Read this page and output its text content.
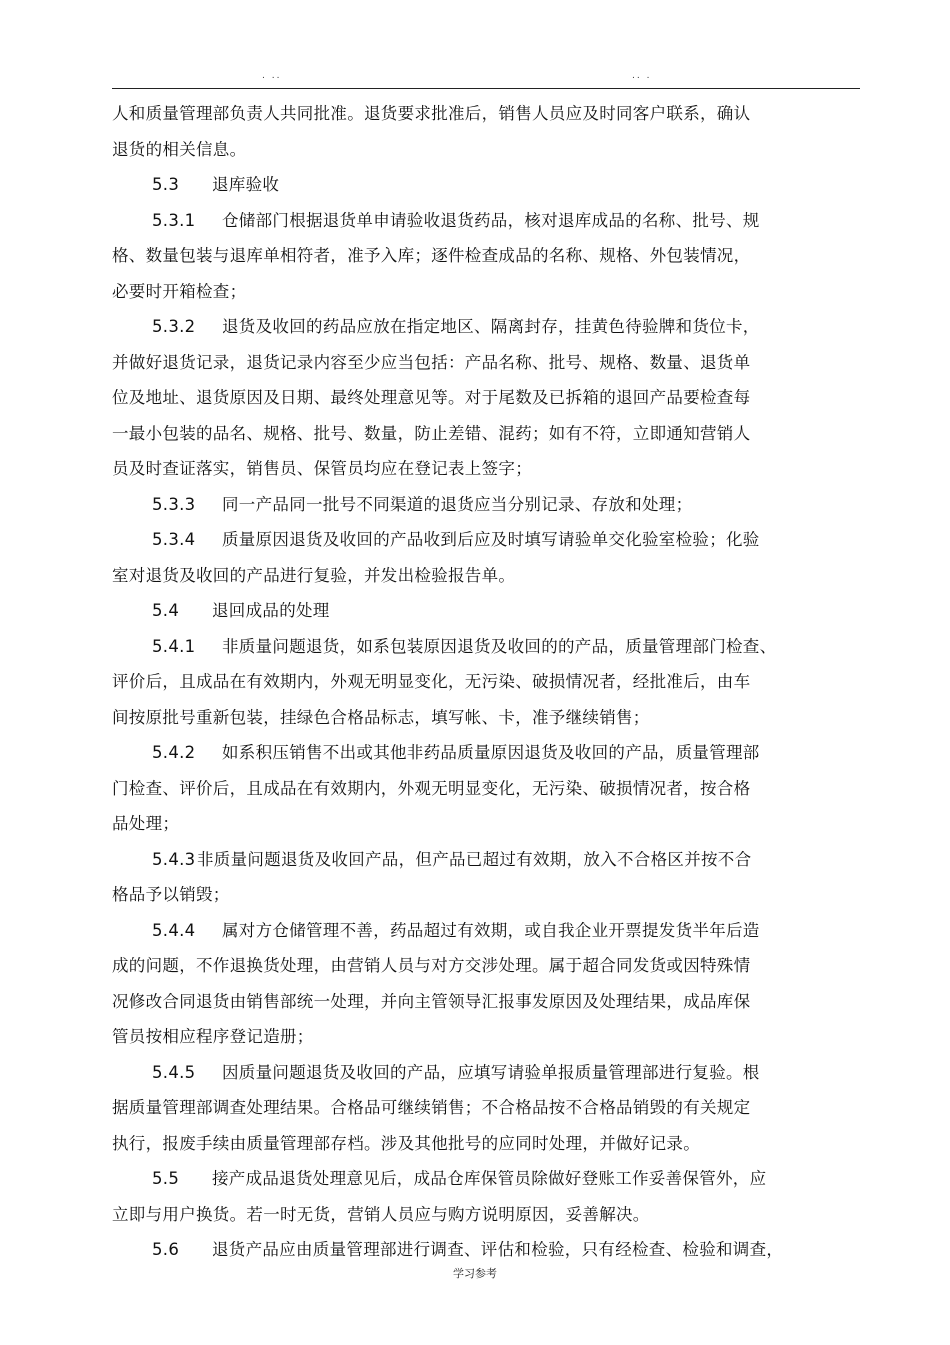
. ..	.. .
人和质量管理部负责人共同批准。退货要求批准后，销售人员应及时同客户联系，确认
退货的相关信息。
5.3 退库验收
5.3.1 仓储部门根据退货单申请验收退货药品，核对退库成品的名称、批号、规
格、数量包装与退库单相符者，准予入库；逐件检查成品的名称、规格、外包装情况，
必要时开箱检查；
5.3.2 退货及收回的药品应放在指定地区、隔离封存，挂黄色待验牌和货位卡，
并做好退货记录，退货记录内容至少应当包括：产品名称、批号、规格、数量、退货单
位及地址、退货原因及日期、最终处理意见等。对于尾数及已拆箱的退回产品要检查每
一最小包装的品名、规格、批号、数量，防止差错、混药；如有不符，立即通知营销人
员及时查证落实，销售员、保管员均应在登记表上签字；
5.3.3 同一产品同一批号不同渠道的退货应当分别记录、存放和处理；
5.3.4 质量原因退货及收回的产品收到后应及时填写请验单交化验室检验；化验
室对退货及收回的产品进行复验，并发出检验报告单。
5.4 退回成品的处理
5.4.1 非质量问题退货，如系包装原因退货及收回的的产品，质量管理部门检查、
评价后，且成品在有效期内，外观无明显变化，无污染、破损情况者，经批准后，由车
间按原批号重新包装，挂绿色合格品标志，填写帐、卡，准予继续销售；
5.4.2 如系积压销售不出或其他非药品质量原因退货及收回的产品，质量管理部
门检查、评价后，且成品在有效期内，外观无明显变化，无污染、破损情况者，按合格
品处理；
5.4.3非质量问题退货及收回产品，但产品已超过有效期，放入不合格区并按不合
格品予以销毁；
5.4.4 属对方仓储管理不善，药品超过有效期，或自我企业开票提发货半年后造
成的问题，不作退换货处理，由营销人员与对方交涉处理。属于超合同发货或因特殊情
况修改合同退货由销售部统一处理，并向主管领导汇报事发原因及处理结果，成品库保
管员按相应程序登记造册；
5.4.5 因质量问题退货及收回的产品，应填写请验单报质量管理部进行复验。根
据质量管理部调查处理结果。合格品可继续销售；不合格品按不合格品销毁的有关规定
执行，报废手续由质量管理部存档。涉及其他批号的应同时处理，并做好记录。
5.5 接产成品退货处理意见后，成品仓库保管员除做好登账工作妥善保管外，应
立即与用户换货。若一时无货，营销人员应与购方说明原因，妥善解决。
5.6 退货产品应由质量管理部进行调查、评估和检验，只有经检查、检验和调查，
学习参考
